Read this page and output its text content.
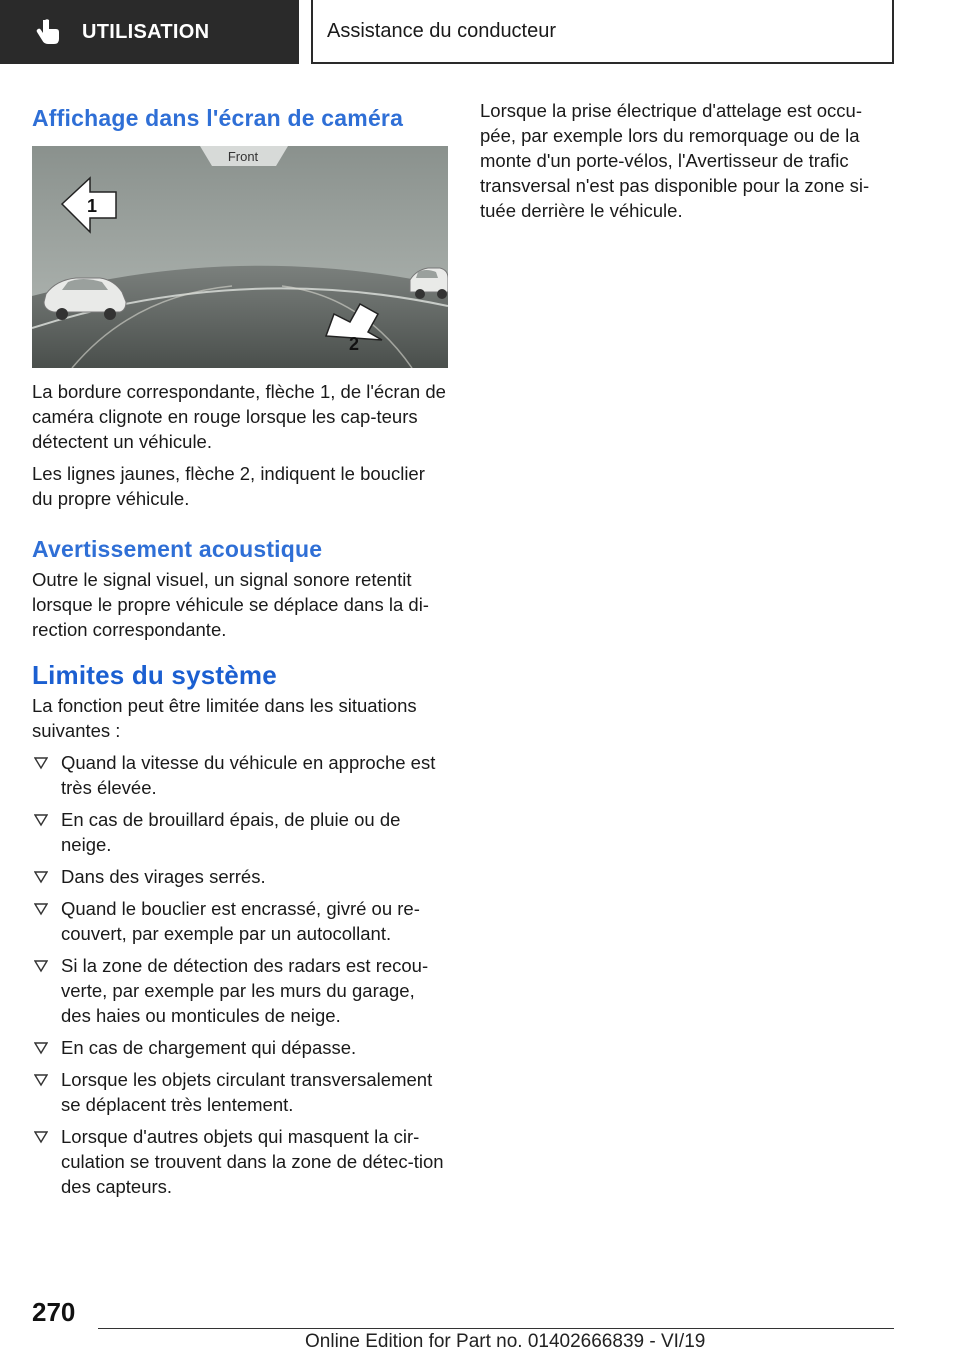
UTILISATION	Assistance du conducteur
Affichage dans l'écran de caméra
Front
1
2

La bordure correspondante, flèche 1, de l'écran de caméra clignote en rouge lorsque les cap-teurs détectent un véhicule.

Les lignes jaunes, flèche 2, indiquent le bouclier du propre véhicule.

Avertissement acoustique

Outre le signal visuel, un signal sonore retentit lorsque le propre véhicule se déplace dans la di-rection correspondante.

Limites du système

La fonction peut être limitée dans les situations suivantes :

Quand la vitesse du véhicule en approche est très élevée.
En cas de brouillard épais, de pluie ou de neige.
Dans des virages serrés.
Quand le bouclier est encrassé, givré ou re-couvert, par exemple par un autocollant.
Si la zone de détection des radars est recou-verte, par exemple par les murs du garage, des haies ou monticules de neige.
En cas de chargement qui dépasse.
Lorsque les objets circulant transversalement se déplacent très lentement.
Lorsque d'autres objets qui masquent la cir-culation se trouvent dans la zone de détec-tion des capteurs.

Lorsque la prise électrique d'attelage est occu-pée, par exemple lors du remorquage ou de la monte d'un porte-vélos, l'Avertisseur de trafic transversal n'est pas disponible pour la zone si-tuée derrière le véhicule.

270
Online Edition for Part no. 01402666839 - VI/19
